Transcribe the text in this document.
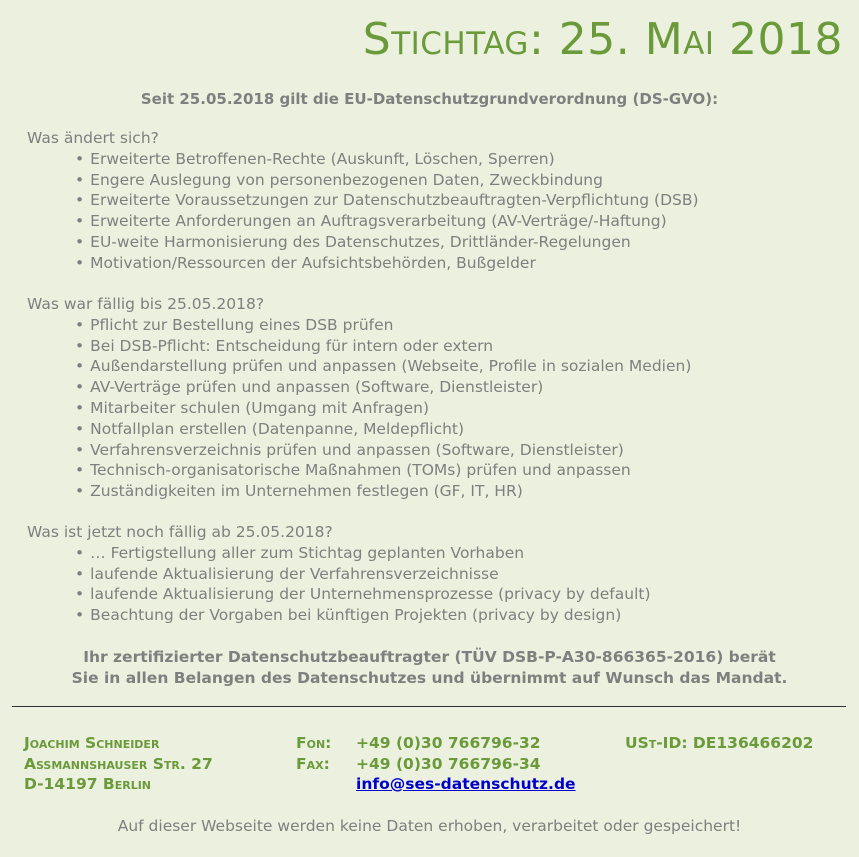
Stichtag: 25. Mai 2018
Seit 25.05.2018 gilt die EU-Datenschutzgrundverordnung (DS-GVO):
Was ändert sich?
• Erweiterte Betroffenen-Rechte (Auskunft, Löschen, Sperren)
• Engere Auslegung von personenbezogenen Daten, Zweckbindung
• Erweiterte Voraussetzungen zur Datenschutzbeauftragten-Verpflichtung (DSB)
• Erweiterte Anforderungen an Auftragsverarbeitung (AV-Verträge/-Haftung)
• EU-weite Harmonisierung des Datenschutzes, Drittländer-Regelungen
• Motivation/Ressourcen der Aufsichtsbehörden, Bußgelder
Was war fällig bis 25.05.2018?
• Pflicht zur Bestellung eines DSB prüfen
• Bei DSB-Pflicht: Entscheidung für intern oder extern
• Außendarstellung prüfen und anpassen (Webseite, Profile in sozialen Medien)
• AV-Verträge prüfen und anpassen (Software, Dienstleister)
• Mitarbeiter schulen (Umgang mit Anfragen)
• Notfallplan erstellen (Datenpanne, Meldepflicht)
• Verfahrensverzeichnis prüfen und anpassen (Software, Dienstleister)
• Technisch-organisatorische Maßnahmen (TOMs) prüfen und anpassen
• Zuständigkeiten im Unternehmen festlegen (GF, IT, HR)
Was ist jetzt noch fällig ab 25.05.2018?
• … Fertigstellung aller zum Stichtag geplanten Vorhaben
• laufende Aktualisierung der Verfahrensverzeichnisse
• laufende Aktualisierung der Unternehmensprozesse (privacy by default)
• Beachtung der Vorgaben bei künftigen Projekten (privacy by design)
Ihr zertifizierter Datenschutzbeauftragter (TÜV DSB-P-A30-866365-2016) berät
Sie in allen Belangen des Datenschutzes und übernimmt auf Wunsch das Mandat.
Joachim Schneider
Aßmannshauser Str. 27
D-14197 Berlin
Fon:
Fax:
+49 (0)30 766796-32
+49 (0)30 766796-34
info@ses-datenschutz.de
USt-ID: DE136466202
Auf dieser Webseite werden keine Daten erhoben, verarbeitet oder gespeichert!
